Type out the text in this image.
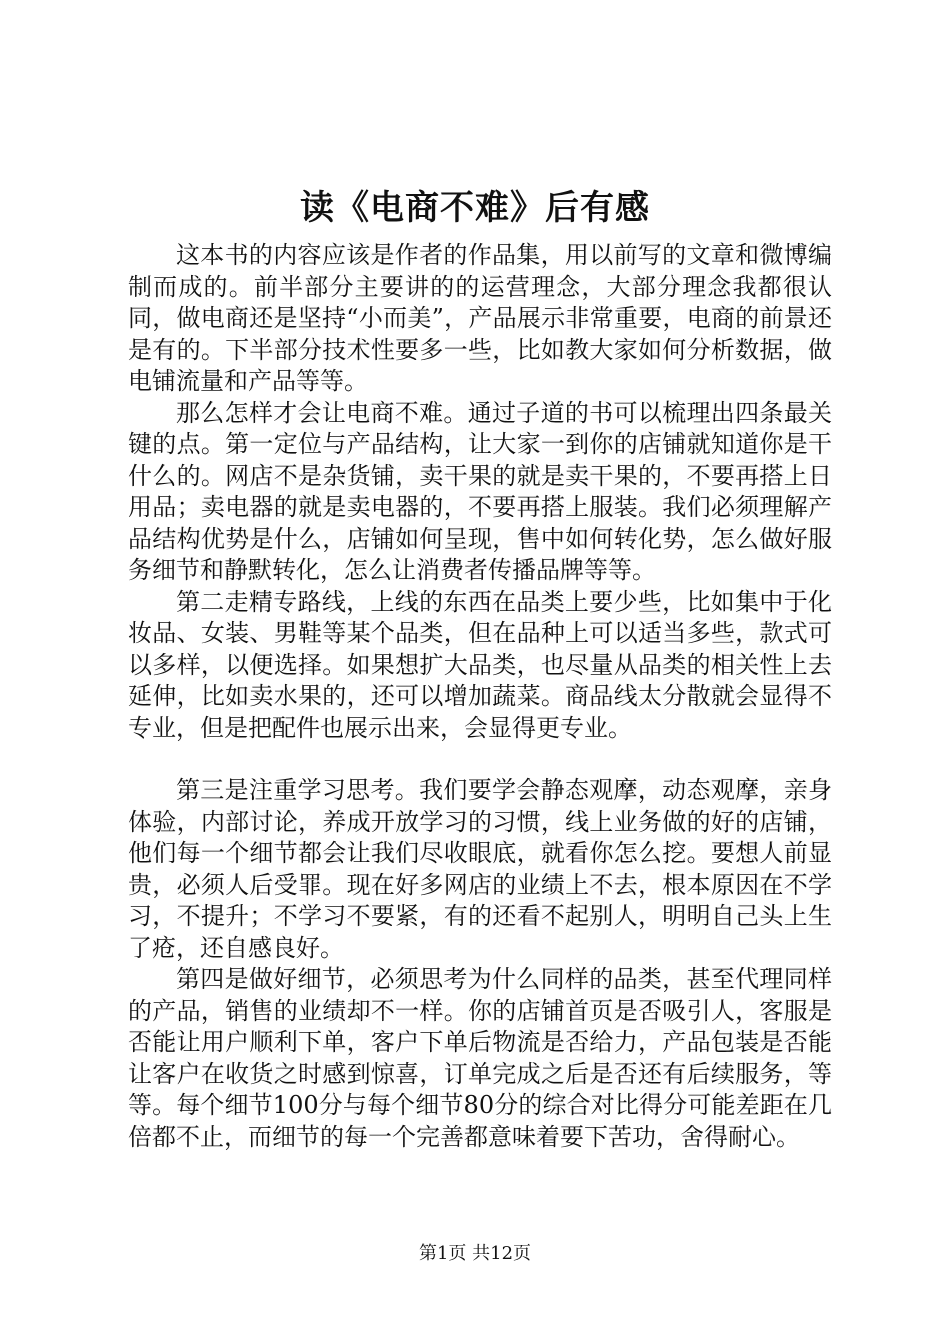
读《电商不难》后有感

这本书的内容应该是作者的作品集，用以前写的文章和微博编制而成的。前半部分主要讲的的运营理念，大部分理念我都很认同，做电商还是坚持“小而美”，产品展示非常重要，电商的前景还是有的。下半部分技术性要多一些，比如教大家如何分析数据，做电铺流量和产品等等。

那么怎样才会让电商不难。通过子道的书可以梳理出四条最关键的点。第一定位与产品结构，让大家一到你的店铺就知道你是干什么的。网店不是杂货铺，卖干果的就是卖干果的，不要再搭上日用品；卖电器的就是卖电器的，不要再搭上服装。我们必须理解产品结构优势是什么，店铺如何呈现，售中如何转化势，怎么做好服务细节和静默转化，怎么让消费者传播品牌等等。

第二走精专路线，上线的东西在品类上要少些，比如集中于化妆品、女装、男鞋等某个品类，但在品种上可以适当多些，款式可以多样，以便选择。如果想扩大品类，也尽量从品类的相关性上去延伸，比如卖水果的，还可以增加蔬菜。商品线太分散就会显得不专业，但是把配件也展示出来，会显得更专业。

第三是注重学习思考。我们要学会静态观摩，动态观摩，亲身体验，内部讨论，养成开放学习的习惯，线上业务做的好的店铺，他们每一个细节都会让我们尽收眼底，就看你怎么挖。要想人前显贵，必须人后受罪。现在好多网店的业绩上不去，根本原因在不学习，不提升；不学习不要紧，有的还看不起别人，明明自己头上生了疮，还自感良好。

第四是做好细节，必须思考为什么同样的品类，甚至代理同样的产品，销售的业绩却不一样。你的店铺首页是否吸引人，客服是否能让用户顺利下单，客户下单后物流是否给力，产品包装是否能让客户在收货之时感到惊喜，订单完成之后是否还有后续服务，等等。每个细节100分与每个细节80分的综合对比得分可能差距在几倍都不止，而细节的每一个完善都意味着要下苦功，舍得耐心。

第1页 共12页
